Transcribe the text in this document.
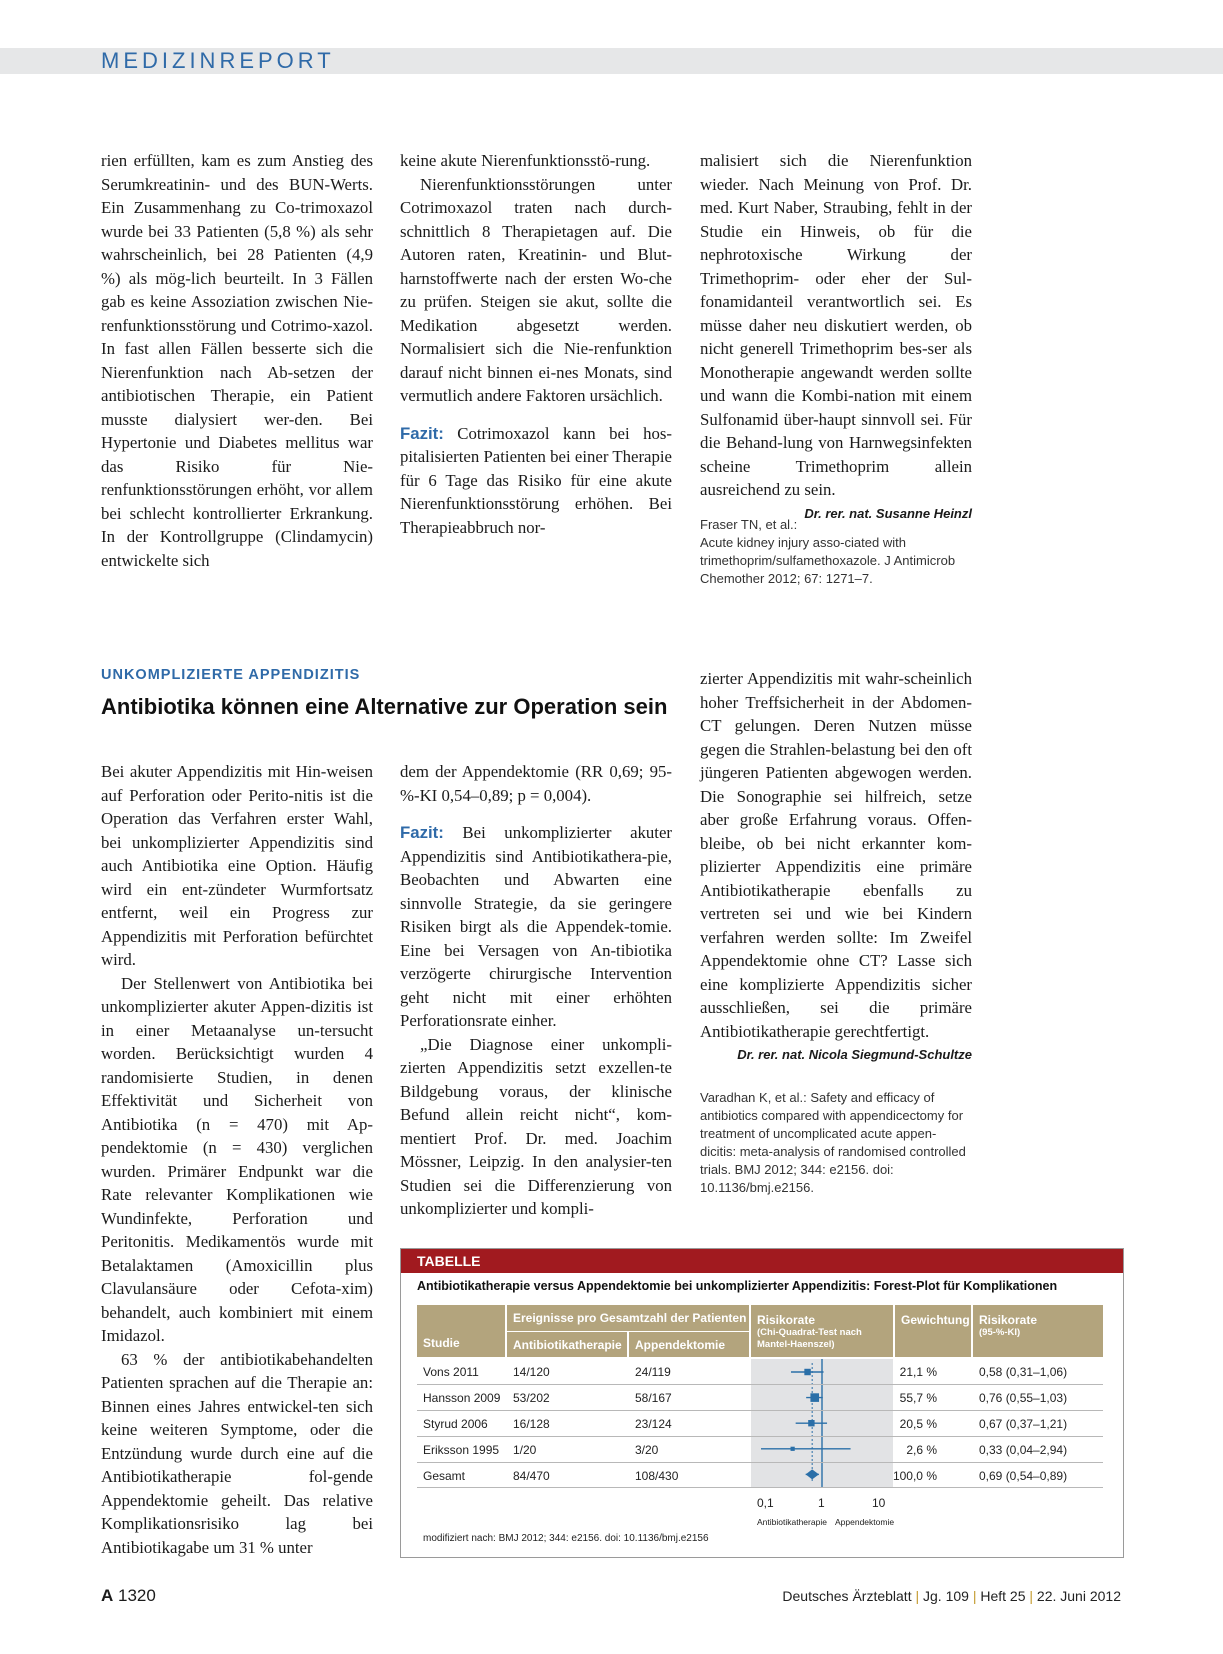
MEDIZINREPORT

rien erfüllten, kam es zum Anstieg des Serumkreatinin- und des BUN-Werts. Ein Zusammenhang zu Co-trimoxazol wurde bei 33 Patienten (5,8 %) als sehr wahrscheinlich, bei 28 Patienten (4,9 %) als mög-lich beurteilt. In 3 Fällen gab es keine Assoziation zwischen Nie-renfunktionsstörung und Cotrimo-xazol. In fast allen Fällen besserte sich die Nierenfunktion nach Ab-setzen der antibiotischen Therapie, ein Patient musste dialysiert wer-den. Bei Hypertonie und Diabetes mellitus war das Risiko für Nie-renfunktionsstörungen erhöht, vor allem bei schlecht kontrollierter Erkrankung. In der Kontrollgruppe (Clindamycin) entwickelte sich

keine akute Nierenfunktionsstö-rung.

Nierenfunktionsstörungen unter Cotrimoxazol traten nach durch-schnittlich 8 Therapietagen auf. Die Autoren raten, Kreatinin- und Blut-harnstoffwerte nach der ersten Wo-che zu prüfen. Steigen sie akut, sollte die Medikation abgesetzt werden. Normalisiert sich die Nie-renfunktion darauf nicht binnen ei-nes Monats, sind vermutlich andere Faktoren ursächlich.

Fazit: Cotrimoxazol kann bei hos-pitalisierten Patienten bei einer Therapie für 6 Tage das Risiko für eine akute Nierenfunktionsstörung erhöhen. Bei Therapieabbruch nor-

malisiert sich die Nierenfunktion wieder. Nach Meinung von Prof. Dr. med. Kurt Naber, Straubing, fehlt in der Studie ein Hinweis, ob für die nephrotoxische Wirkung der Trimethoprim- oder eher der Sul-fonamidanteil verantwortlich sei. Es müsse daher neu diskutiert werden, ob nicht generell Trimethoprim bes-ser als Monotherapie angewandt werden sollte und wann die Kombi-nation mit einem Sulfonamid über-haupt sinnvoll sei. Für die Behand-lung von Harnwegsinfekten scheine Trimethoprim allein ausreichend zu sein.
Dr. rer. nat. Susanne Heinzl

Fraser TN, et al.: Acute kidney injury asso-ciated with trimethoprim/sulfamethoxazole. J Antimicrob Chemother 2012; 67: 1271–7.

UNKOMPLIZIERTE APPENDIZITIS
Antibiotika können eine Alternative zur Operation sein

Bei akuter Appendizitis mit Hin-weisen auf Perforation oder Perito-nitis ist die Operation das Verfahren erster Wahl, bei unkomplizierter Appendizitis sind auch Antibiotika eine Option. Häufig wird ein ent-zündeter Wurmfortsatz entfernt, weil ein Progress zur Appendizitis mit Perforation befürchtet wird.

Der Stellenwert von Antibiotika bei unkomplizierter akuter Appen-dizitis ist in einer Metaanalyse un-tersucht worden. Berücksichtigt wurden 4 randomisierte Studien, in denen Effektivität und Sicherheit von Antibiotika (n = 470) mit Ap-pendektomie (n = 430) verglichen wurden. Primärer Endpunkt war die Rate relevanter Komplikationen wie Wundinfekte, Perforation und Peritonitis. Medikamentös wurde mit Betalaktamen (Amoxicillin plus Clavulansäure oder Cefota-xim) behandelt, auch kombiniert mit einem Imidazol.

63 % der antibiotikabehandelten Patienten sprachen auf die Therapie an: Binnen eines Jahres entwickel-ten sich keine weiteren Symptome, oder die Entzündung wurde durch eine auf die Antibiotikatherapie fol-gende Appendektomie geheilt. Das relative Komplikationsrisiko lag bei Antibiotikagabe um 31 % unter

dem der Appendektomie (RR 0,69; 95-%-KI 0,54–0,89; p = 0,004).

Fazit: Bei unkomplizierter akuter Appendizitis sind Antibiotikathera-pie, Beobachten und Abwarten eine sinnvolle Strategie, da sie geringere Risiken birgt als die Appendek-tomie. Eine bei Versagen von An-tibiotika verzögerte chirurgische Intervention geht nicht mit einer erhöhten Perforationsrate einher.

„Die Diagnose einer unkompli-zierten Appendizitis setzt exzellen-te Bildgebung voraus, der klinische Befund allein reicht nicht“, kom-mentiert Prof. Dr. med. Joachim Mössner, Leipzig. In den analysier-ten Studien sei die Differenzierung von unkomplizierter und kompli-

zierter Appendizitis mit wahr-scheinlich hoher Treffsicherheit in der Abdomen-CT gelungen. Deren Nutzen müsse gegen die Strahlen-belastung bei den oft jüngeren Patienten abgewogen werden. Die Sonographie sei hilfreich, setze aber große Erfahrung voraus. Offen-bleibe, ob bei nicht erkannter kom-plizierter Appendizitis eine primäre Antibiotikatherapie ebenfalls zu vertreten sei und wie bei Kindern verfahren werden sollte: Im Zweifel Appendektomie ohne CT? Lasse sich eine komplizierte Appendizitis sicher ausschließen, sei die primäre Antibiotikatherapie gerechtfertigt.

Dr. rer. nat. Nicola Siegmund-Schultze

Varadhan K, et al.: Safety and efficacy of antibiotics compared with appendicectomy for treatment of uncomplicated acute appen-dicitis: meta-analysis of randomised controlled trials. BMJ 2012; 344: e2156. doi: 10.1136/bmj.e2156.

TABELLE
Antibiotikatherapie versus Appendektomie bei unkomplizierter Appendizitis: Forest-Plot für Komplikationen
Studie
Ereignisse pro Gesamtzahl der Patienten
Antibiotikatherapie Appendektomie
Risikorate
(Chi-Quadrat-Test nach Mantel-Haenszel)
Gewichtung Risikorate
(95-%-KI)
Vons 2011	14/120	24/119	21,1 %	0,58 (0,31–1,06)
Hansson 2009 53/202	58/167	55,7 %	0,76 (0,55–1,03)
Styrud 2006 16/128	23/124	20,5 %	0,67 (0,37–1,21)
Eriksson 1995 1/20	3/20	2,6 %	0,33 (0,04–2,94)
Gesamt	84/470	108/430	100,0 %	0,69 (0,54–0,89)
0,1	1	10
Antibiotikatherapie Appendektomie
modifiziert nach: BMJ 2012; 344: e2156. doi: 10.1136/bmj.e2156
A 1320	Deutsches Ärzteblatt | Jg. 109 | Heft 25 | 22. Juni 2012
